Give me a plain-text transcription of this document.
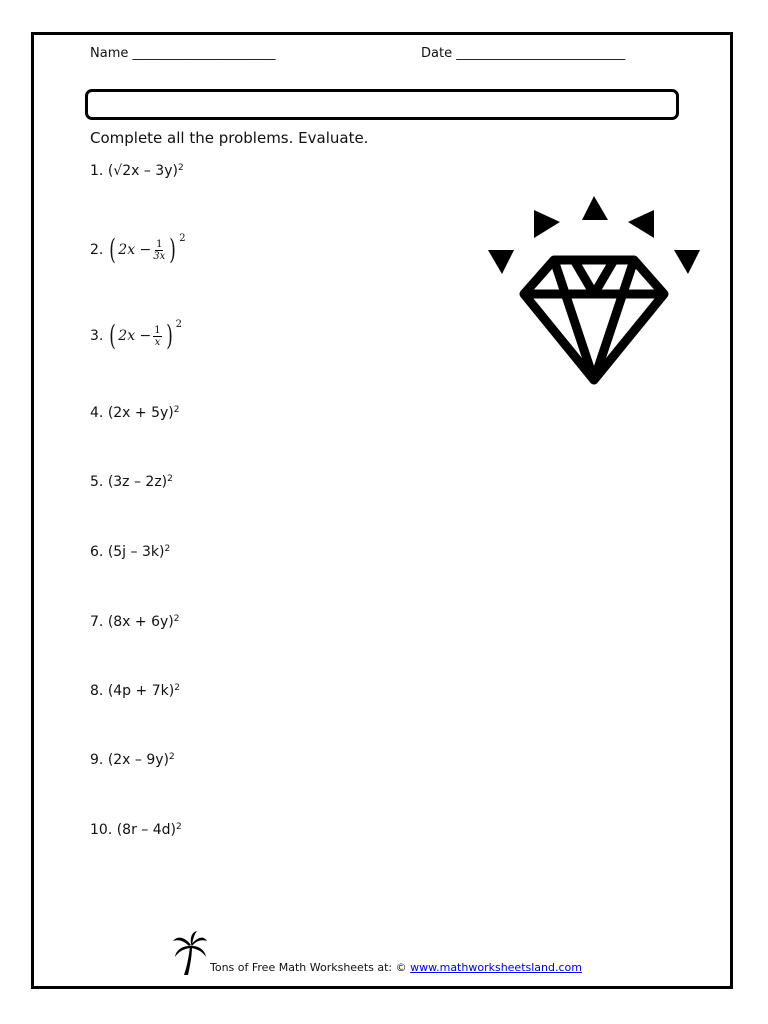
Name ______________________	Date __________________________
Complete all the problems. Evaluate.
1.
(√2x – 3y)$^2$
2. ( $2x - \frac{1}{3x}$ ) 2
3. ( $2x - \frac{1}{x}$ ) 2
4.
$(2x + 5y)^2$
5.
(3z – 2z)$^2$
6.
(5j – 3k)$^2$
7.
$(8x + 6y)^2$
8.
$(4p + 7k)^2$
9.
(2x – 9y)$^2$
10.
(8r – 4d)$^2$
Tons of Free Math Worksheets at: © www.mathworksheetsland.com
